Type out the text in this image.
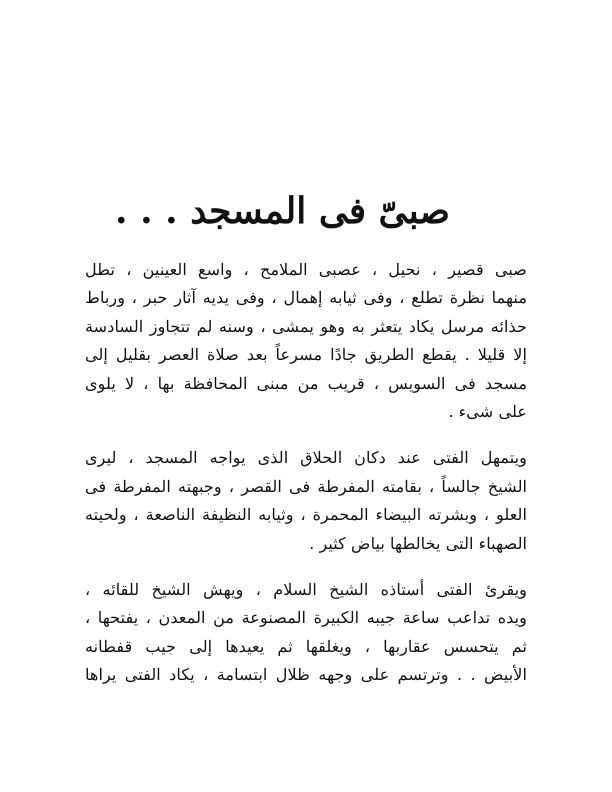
صبىّ فى المسجد . . .
صبى قصير ، نحيل ، عصبى الملامح ، واسع العينين ، تطل
منهما نظرة تطلع ، وفى ثيابه إهمال ، وفى يديه آثار حبر ، ورباط
حذائه مرسل يكاد يتعثر به وهو يمشى ، وسنه لم تتجاوز السادسة
إلا قليلا . يقطع الطريق جادًا مسرعاً بعد صلاة العصر بقليل إلى
مسجد فى السويس ، قريب من مبنى المحافظة بها ، لا يلوى
على شىء .
ويتمهل الفتى عند دكان الحلاق الذى يواجه المسجد ، ليرى
الشيخ جالساً ، بقامته المفرطة فى القصر ، وجبهته المفرطة فى
العلو ، وبشرته البيضاء المحمرة ، وثيابه النظيفة الناصعة ، ولحيته
الصهباء التى يخالطها بياض كثير .
ويقرئ الفتى أستاذه الشيخ السلام ، ويهش الشيخ للقائه ،
ويده تداعب ساعة جيبه الكبيرة المصنوعة من المعدن ، يفتحها ،
ثم يتحسس عقاربها ، ويغلقها ثم يعيدها إلى جيب قفطانه
الأبيض . . وترتسم على وجهه ظلال ابتسامة ، يكاد الفتى يراها
